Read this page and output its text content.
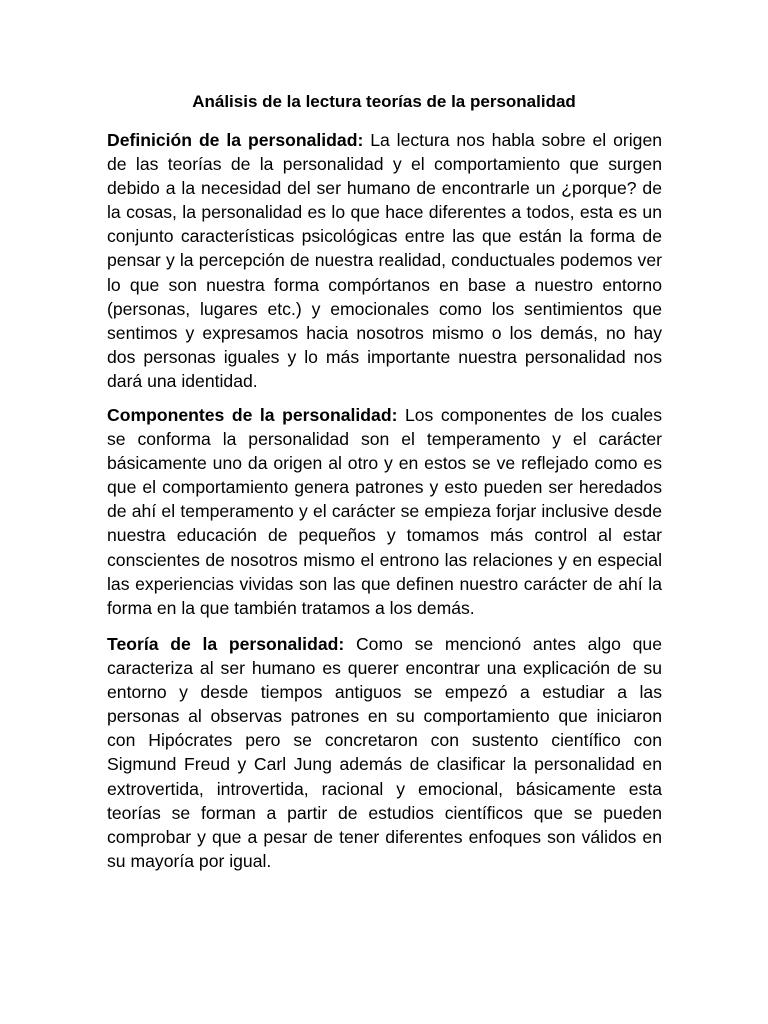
Análisis de la lectura teorías de la personalidad

Definición de la personalidad: La lectura nos habla sobre el origen de las teorías de la personalidad y el comportamiento que surgen debido a la necesidad del ser humano de encontrarle un ¿porque? de la cosas, la personalidad es lo que hace diferentes a todos, esta es un conjunto características psicológicas entre las que están la forma de pensar y la percepción de nuestra realidad, conductuales podemos ver lo que son nuestra forma compórtanos en base a nuestro entorno (personas, lugares etc.) y emocionales como los sentimientos que sentimos y expresamos hacia nosotros mismo o los demás, no hay dos personas iguales y lo más importante nuestra personalidad nos dará una identidad.

Componentes de la personalidad: Los componentes de los cuales se conforma la personalidad son el temperamento y el carácter básicamente uno da origen al otro y en estos se ve reflejado como es que el comportamiento genera patrones y esto pueden ser heredados de ahí el temperamento y el carácter se empieza forjar inclusive desde nuestra educación de pequeños y tomamos más control al estar conscientes de nosotros mismo el entrono las relaciones y en especial las experiencias vividas son las que definen nuestro carácter de ahí la forma en la que también tratamos a los demás.

Teoría de la personalidad: Como se mencionó antes algo que caracteriza al ser humano es querer encontrar una explicación de su entorno y desde tiempos antiguos se empezó a estudiar a las personas al observas patrones en su comportamiento que iniciaron con Hipócrates pero se concretaron con sustento científico con Sigmund Freud y Carl Jung además de clasificar la personalidad en extrovertida, introvertida, racional y emocional, básicamente esta teorías se forman a partir de estudios científicos que se pueden comprobar y que a pesar de tener diferentes enfoques son válidos en su mayoría por igual.
